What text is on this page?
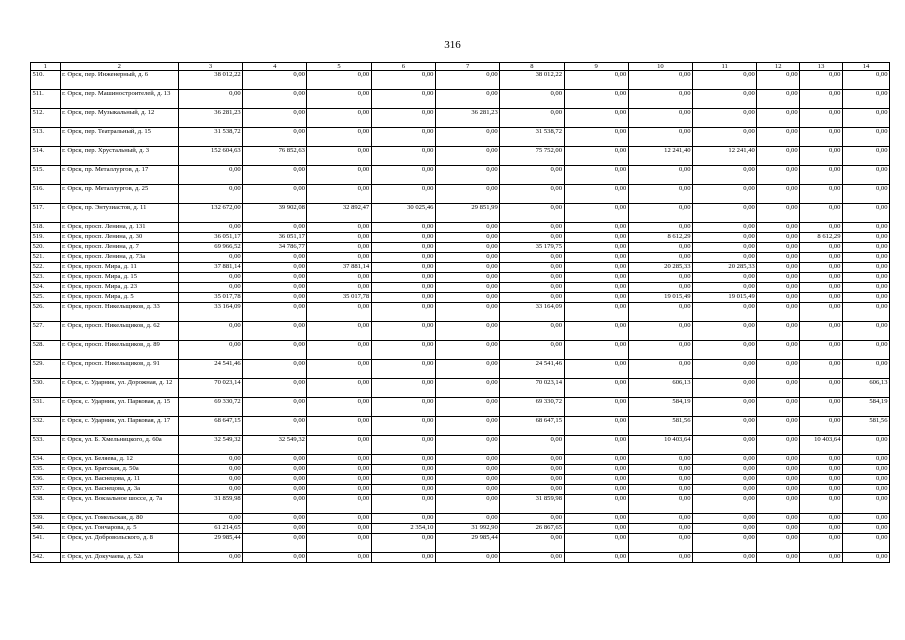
316
1	2	3	4	5	6	7	8	9	10	11	12	13	14
510.	г. Орск, пер. Инженерный, д. 6	38 012,22	0,00	0,00	0,00	0,00	38 012,22	0,00	0,00	0,00	0,00	0,00	0,00
511.	г. Орск, пер. Машиностроителей, д. 13	0,00	0,00	0,00	0,00	0,00	0,00	0,00	0,00	0,00	0,00	0,00	0,00
512.	г. Орск, пер. Музыкальный, д. 12	36 281,23	0,00	0,00	0,00	36 281,23	0,00	0,00	0,00	0,00	0,00	0,00	0,00
513.	г. Орск, пер. Театральный, д. 15	31 538,72	0,00	0,00	0,00	0,00	31 538,72	0,00	0,00	0,00	0,00	0,00	0,00
514.	г. Орск, пер. Хрустальный, д. 3	152 604,63	76 852,63	0,00	0,00	0,00	75 752,00	0,00	12 241,40	12 241,40	0,00	0,00	0,00
515.	г. Орск, пр. Металлургов, д. 17	0,00	0,00	0,00	0,00	0,00	0,00	0,00	0,00	0,00	0,00	0,00	0,00
516.	г. Орск, пр. Металлургов, д. 25	0,00	0,00	0,00	0,00	0,00	0,00	0,00	0,00	0,00	0,00	0,00	0,00
517.	г. Орск, пр. Энтузиастов, д. 11	132 672,00	39 902,08	32 892,47	30 025,46	29 851,99	0,00	0,00	0,00	0,00	0,00	0,00	0,00
518.	г. Орск, просп. Ленина, д. 131	0,00	0,00	0,00	0,00	0,00	0,00	0,00	0,00	0,00	0,00	0,00	0,00
519.	г. Орск, просп. Ленина, д. 30	36 051,17	36 051,17	0,00	0,00	0,00	0,00	0,00	8 612,29	0,00	0,00	8 612,29	0,00
520.	г. Орск, просп. Ленина, д. 7	69 966,52	34 786,77	0,00	0,00	0,00	35 179,75	0,00	0,00	0,00	0,00	0,00	0,00
521.	г. Орск, просп. Ленина, д. 73а	0,00	0,00	0,00	0,00	0,00	0,00	0,00	0,00	0,00	0,00	0,00	0,00
522.	г. Орск, просп. Мира, д. 11	37 881,14	0,00	37 881,14	0,00	0,00	0,00	0,00	20 285,33	20 285,33	0,00	0,00	0,00
523.	г. Орск, просп. Мира, д. 15	0,00	0,00	0,00	0,00	0,00	0,00	0,00	0,00	0,00	0,00	0,00	0,00
524.	г. Орск, просп. Мира, д. 23	0,00	0,00	0,00	0,00	0,00	0,00	0,00	0,00	0,00	0,00	0,00	0,00
525.	г. Орск, просп. Мира, д. 5	35 017,78	0,00	35 017,78	0,00	0,00	0,00	0,00	19 015,49	19 015,49	0,00	0,00	0,00
526.	г. Орск, просп. Никельщиков, д. 33	33 164,09	0,00	0,00	0,00	0,00	33 164,09	0,00	0,00	0,00	0,00	0,00	0,00
527.	г. Орск, просп. Никельщиков, д. 62	0,00	0,00	0,00	0,00	0,00	0,00	0,00	0,00	0,00	0,00	0,00	0,00
528.	г. Орск, просп. Никельщиков, д. 89	0,00	0,00	0,00	0,00	0,00	0,00	0,00	0,00	0,00	0,00	0,00	0,00
529.	г. Орск, просп. Никельщиков, д. 91	24 541,46	0,00	0,00	0,00	0,00	24 541,46	0,00	0,00	0,00	0,00	0,00	0,00
530.	г. Орск, с. Ударник, ул. Дорожная, д. 12	70 023,14	0,00	0,00	0,00	0,00	70 023,14	0,00	606,13	0,00	0,00	0,00	606,13
531.	г. Орск, с. Ударник, ул. Парковая, д. 15	69 330,72	0,00	0,00	0,00	0,00	69 330,72	0,00	584,19	0,00	0,00	0,00	584,19
532.	г. Орск, с. Ударник, ул. Парковая, д. 17	68 647,15	0,00	0,00	0,00	0,00	68 647,15	0,00	581,56	0,00	0,00	0,00	581,56
533.	г. Орск, ул. Б. Хмельницкого, д. 60а	32 549,32	32 549,32	0,00	0,00	0,00	0,00	0,00	10 403,64	0,00	0,00	10 403,64	0,00
534.	г. Орск, ул. Беляева, д. 12	0,00	0,00	0,00	0,00	0,00	0,00	0,00	0,00	0,00	0,00	0,00	0,00
535.	г. Орск, ул. Братская, д. 50а	0,00	0,00	0,00	0,00	0,00	0,00	0,00	0,00	0,00	0,00	0,00	0,00
536.	г. Орск, ул. Васнецова, д. 11	0,00	0,00	0,00	0,00	0,00	0,00	0,00	0,00	0,00	0,00	0,00	0,00
537.	г. Орск, ул. Васнецова, д. 3а	0,00	0,00	0,00	0,00	0,00	0,00	0,00	0,00	0,00	0,00	0,00	0,00
538.	г. Орск, ул. Вокзальное шоссе, д. 7а	31 859,98	0,00	0,00	0,00	0,00	31 859,98	0,00	0,00	0,00	0,00	0,00	0,00
539.	г. Орск, ул. Гомельская, д. 80	0,00	0,00	0,00	0,00	0,00	0,00	0,00	0,00	0,00	0,00	0,00	0,00
540.	г. Орск, ул. Гончарова, д. 5	61 214,65	0,00	0,00	2 354,10	31 992,90	26 867,65	0,00	0,00	0,00	0,00	0,00	0,00
541.	г. Орск, ул. Добровольского, д. 8	29 985,44	0,00	0,00	0,00	29 985,44	0,00	0,00	0,00	0,00	0,00	0,00	0,00
542.	г. Орск, ул. Докучаева, д. 52а	0,00	0,00	0,00	0,00	0,00	0,00	0,00	0,00	0,00	0,00	0,00	0,00
